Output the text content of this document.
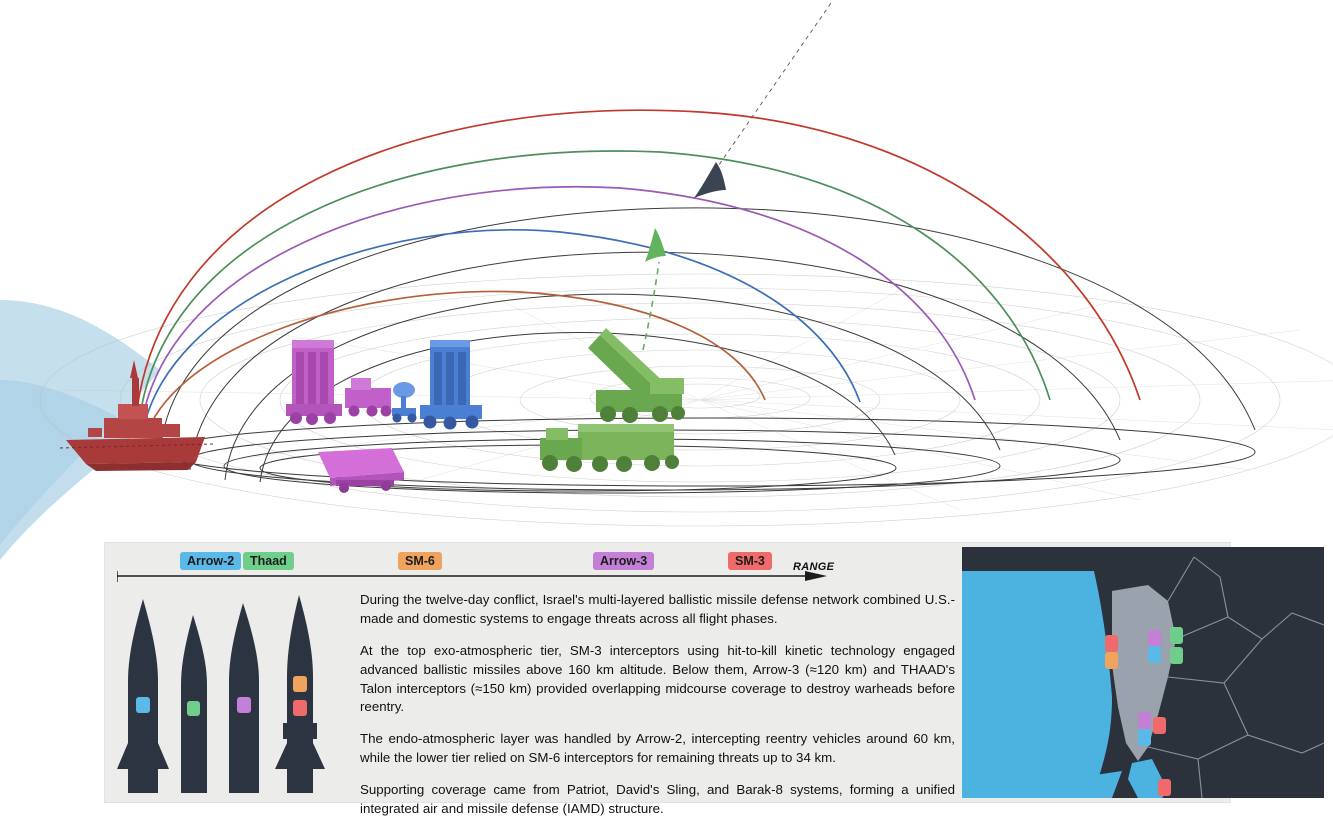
Arrow-2	Thaad	SM-6	Arrow-3	SM-3	RANGE

During the twelve-day conflict, Israel's multi-layered ballistic missile defense network combined U.S.-made and domestic systems to engage threats across all flight phases.

At the top exo-atmospheric tier, SM-3 interceptors using hit-to-kill kinetic technology engaged advanced ballistic missiles above 160 km altitude. Below them, Arrow-3 (≈120 km) and THAAD's Talon interceptors (≈150 km) provided overlapping midcourse coverage to destroy warheads before reentry.

The endo-atmospheric layer was handled by Arrow-2, intercepting reentry vehicles around 60 km, while the lower tier relied on SM-6 interceptors for remaining threats up to 34 km.

Supporting coverage came from Patriot, David's Sling, and Barak-8 systems, forming a unified integrated air and missile defense (IAMD) structure.
